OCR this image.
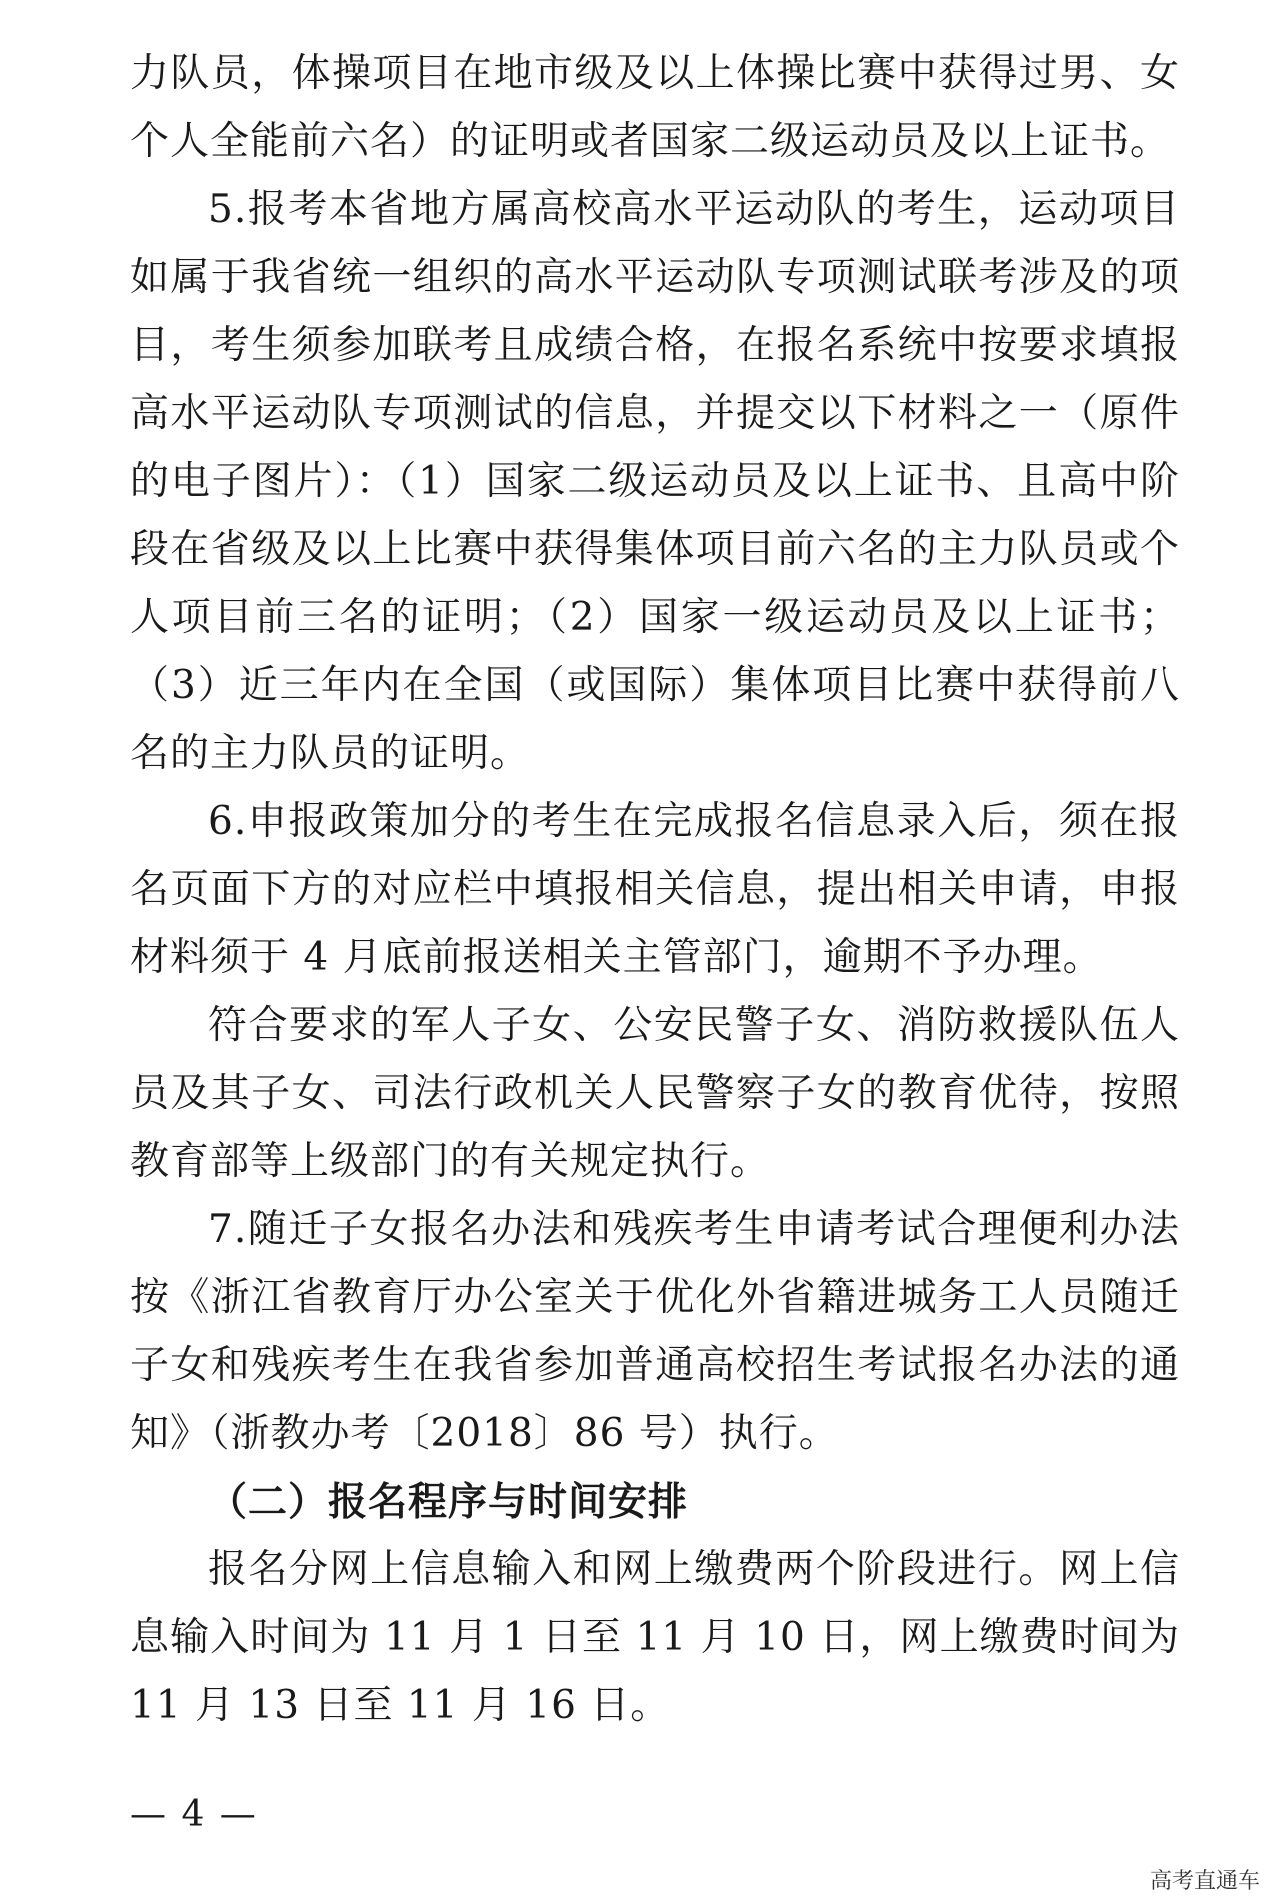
力队员，体操项目在地市级及以上体操比赛中获得过男、女个人全能前六名）的证明或者国家二级运动员及以上证书。

5.报考本省地方属高校高水平运动队的考生，运动项目如属于我省统一组织的高水平运动队专项测试联考涉及的项目，考生须参加联考且成绩合格，在报名系统中按要求填报高水平运动队专项测试的信息，并提交以下材料之一（原件的电子图片）：（1）国家二级运动员及以上证书、且高中阶段在省级及以上比赛中获得集体项目前六名的主力队员或个人项目前三名的证明；（2）国家一级运动员及以上证书；（3）近三年内在全国（或国际）集体项目比赛中获得前八名的主力队员的证明。

6.申报政策加分的考生在完成报名信息录入后，须在报名页面下方的对应栏中填报相关信息，提出相关申请，申报材料须于 4 月底前报送相关主管部门，逾期不予办理。

符合要求的军人子女、公安民警子女、消防救援队伍人员及其子女、司法行政机关人民警察子女的教育优待，按照教育部等上级部门的有关规定执行。

7.随迁子女报名办法和残疾考生申请考试合理便利办法按《浙江省教育厅办公室关于优化外省籍进城务工人员随迁子女和残疾考生在我省参加普通高校招生考试报名办法的通知》（浙教办考〔2018〕86 号）执行。

（二）报名程序与时间安排

报名分网上信息输入和网上缴费两个阶段进行。网上信息输入时间为 11 月 1 日至 11 月 10 日，网上缴费时间为 11 月 13 日至 11 月 16 日。

— 4 —
高考直通车
